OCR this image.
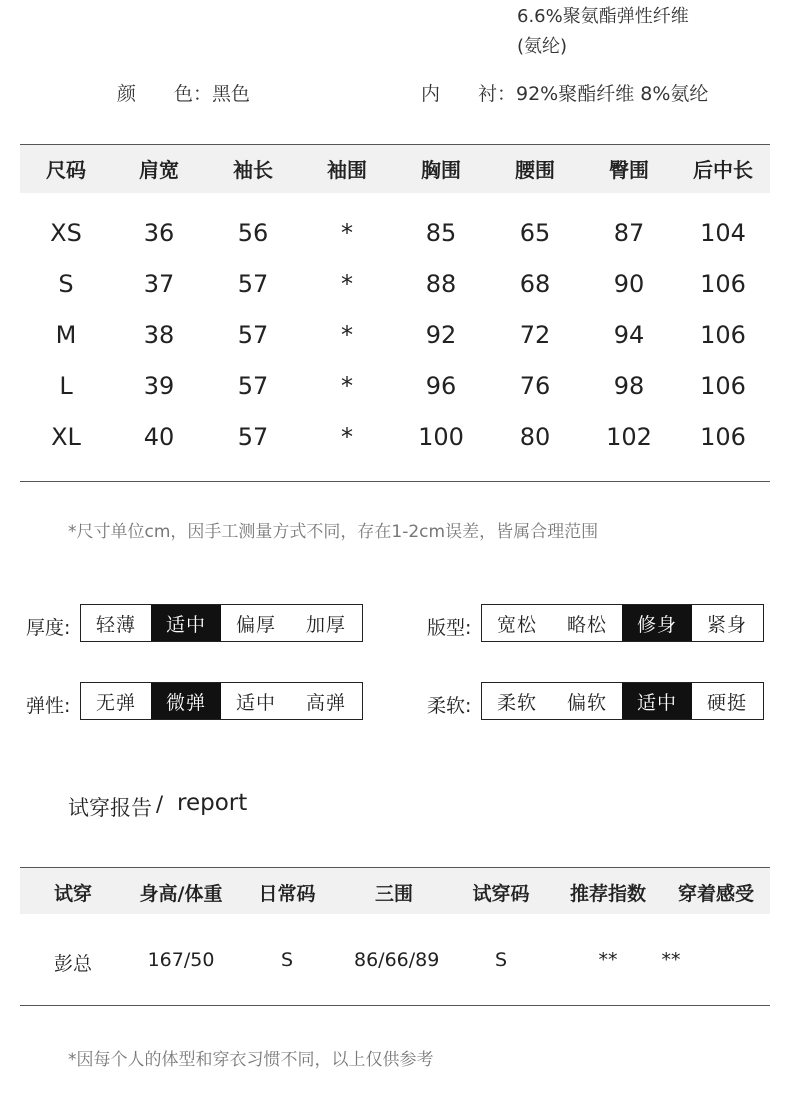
6.6%聚氨酯弹性纤维
(氨纶)
颜　　色：黑色	内　　衬：92%聚酯纤维 8%氨纶
尺码	肩宽	袖长	袖围	胸围	腰围	臀围	后中长
XS	36	56	*	85	65	87	104
S	37	57	*	88	68	90	106
M	38	57	*	92	72	94	106
L	39	57	*	96	76	98	106
XL	40	57	*	100	80	102	106
*尺寸单位cm，因手工测量方式不同，存在1-2cm误差，皆属合理范围
厚度:	轻薄	适中	偏厚	加厚	版型:	宽松	略松	修身	紧身
弹性:	无弹	微弹	适中	高弹	柔软:	柔软	偏软	适中	硬挺
试穿报告 / report
试穿	身高/体重	日常码	三围	试穿码	推荐指数	穿着感受
彭总	167/50	S	86/66/89	S	**	**
*因每个人的体型和穿衣习惯不同，以上仅供参考
